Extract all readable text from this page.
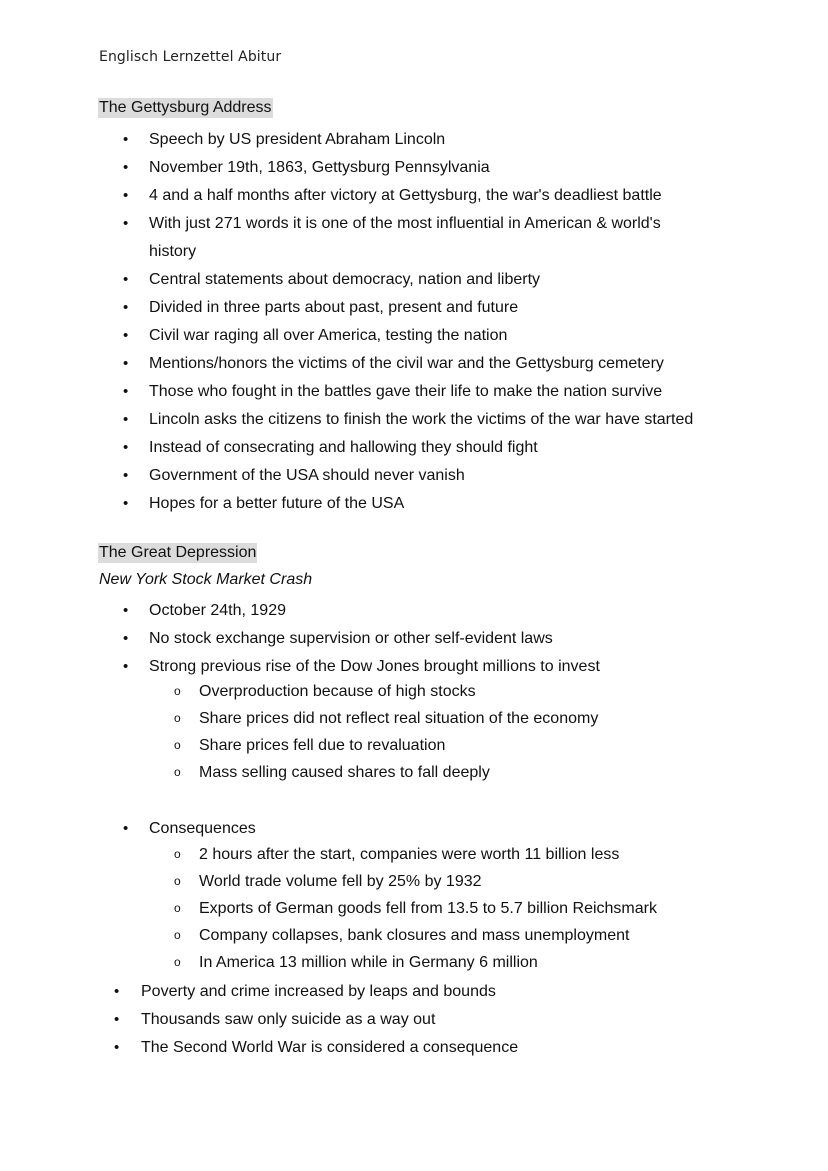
Englisch Lernzettel Abitur
The Gettysburg Address
• Speech by US president Abraham Lincoln
• November 19th, 1863, Gettysburg Pennsylvania
• 4 and a half months after victory at Gettysburg, the war's deadliest battle
• With just 271 words it is one of the most influential in American & world's history
• Central statements about democracy, nation and liberty
• Divided in three parts about past, present and future
• Civil war raging all over America, testing the nation
• Mentions/honors the victims of the civil war and the Gettysburg cemetery
• Those who fought in the battles gave their life to make the nation survive
• Lincoln asks the citizens to finish the work the victims of the war have started
• Instead of consecrating and hallowing they should fight
• Government of the USA should never vanish
• Hopes for a better future of the USA
The Great Depression
New York Stock Market Crash
• October 24th, 1929
• No stock exchange supervision or other self-evident laws
• Strong previous rise of the Dow Jones brought millions to invest
o Overproduction because of high stocks
o Share prices did not reflect real situation of the economy
o Share prices fell due to revaluation
o Mass selling caused shares to fall deeply
• Consequences
o 2 hours after the start, companies were worth 11 billion less
o World trade volume fell by 25% by 1932
o Exports of German goods fell from 13.5 to 5.7 billion Reichsmark
o Company collapses, bank closures and mass unemployment
o In America 13 million while in Germany 6 million
• Poverty and crime increased by leaps and bounds
• Thousands saw only suicide as a way out
• The Second World War is considered a consequence
